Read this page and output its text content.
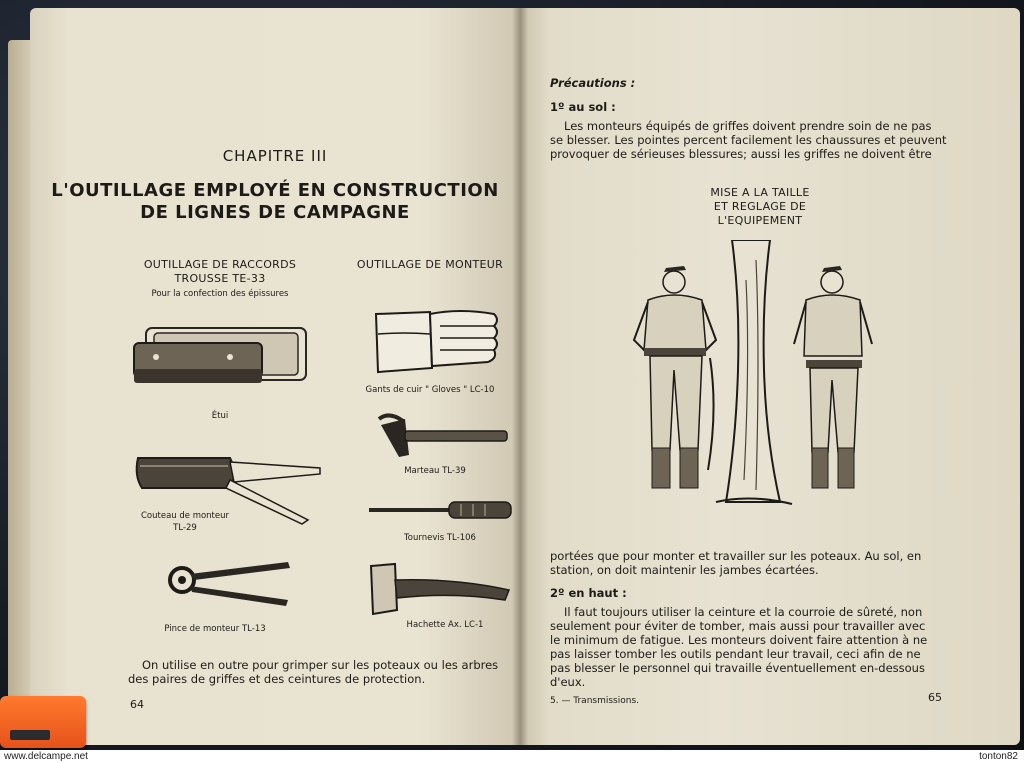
CHAPITRE III
L'OUTILLAGE EMPLOYÉ EN CONSTRUCTION
DE LIGNES DE CAMPAGNE
OUTILLAGE DE RACCORDS
TROUSSE TE-33
Pour la confection des épissures
OUTILLAGE DE MONTEUR
Étui
Couteau de monteur
TL-29
Pince de monteur TL-13
Gants de cuir " Gloves " LC-10
Marteau TL-39
Tournevis TL-106
Hachette Ax. LC-1
On utilise en outre pour grimper sur les poteaux ou les arbres
des paires de griffes et des ceintures de protection.
64
Précautions :
1º au sol :
Les monteurs équipés de griffes doivent prendre soin de ne pas
se blesser. Les pointes percent facilement les chaussures et peuvent
provoquer de sérieuses blessures; aussi les griffes ne doivent être
MISE A LA TAILLE
ET REGLAGE DE
L'EQUIPEMENT
portées que pour monter et travailler sur les poteaux. Au sol, en
station, on doit maintenir les jambes écartées.
2º en haut :
Il faut toujours utiliser la ceinture et la courroie de sûreté, non
seulement pour éviter de tomber, mais aussi pour travailler avec
le minimum de fatigue. Les monteurs doivent faire attention à ne
pas laisser tomber les outils pendant leur travail, ceci afin de ne
pas blesser le personnel qui travaille éventuellement en-dessous
d'eux.
5. — Transmissions.	65
www.delcampe.net	tonton82
